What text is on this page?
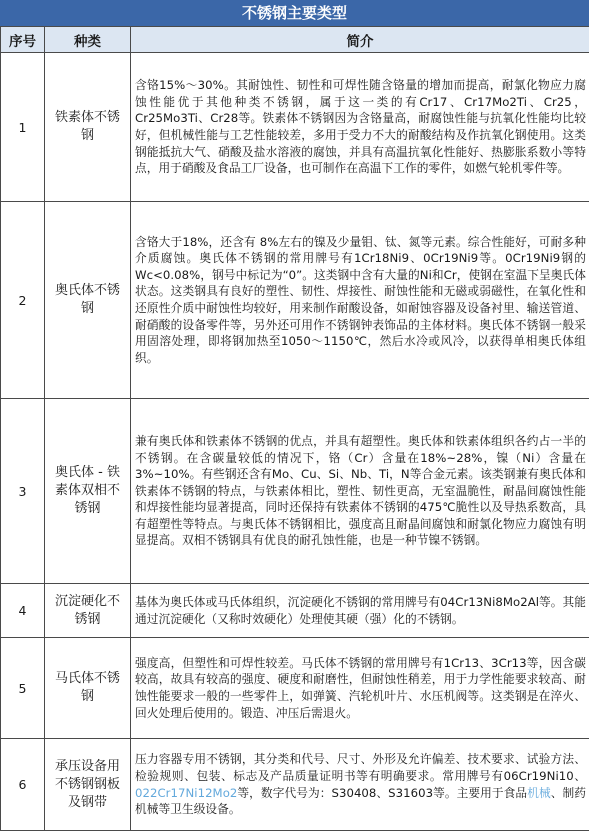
不锈钢主要类型
序号	种类	简介
1	铁素体不锈钢	含铬15%～30%。其耐蚀性、韧性和可焊性随含铬量的增加而提高，耐氯化物应力腐蚀性能优于其他种类不锈钢，属于这一类的有Cr17、Cr17Mo2Ti、Cr25，Cr25Mo3Ti、Cr28等。铁素体不锈钢因为含铬量高，耐腐蚀性能与抗氧化性能均比较好，但机械性能与工艺性能较差，多用于受力不大的耐酸结构及作抗氧化钢使用。这类钢能抵抗大气、硝酸及盐水溶液的腐蚀，并具有高温抗氧化性能好、热膨胀系数小等特点，用于硝酸及食品工厂设备，也可制作在高温下工作的零件，如燃气轮机零件等。
2	奥氏体不锈钢	含铬大于18%，还含有 8%左右的镍及少量钼、钛、氮等元素。综合性能好，可耐多种介质腐蚀。奥氏体不锈钢的常用牌号有1Cr18Ni9、0Cr19Ni9等。0Cr19Ni9钢的Wc<0.08%，钢号中标记为“0”。这类钢中含有大量的Ni和Cr，使钢在室温下呈奥氏体状态。这类钢具有良好的塑性、韧性、焊接性、耐蚀性能和无磁或弱磁性，在氧化性和还原性介质中耐蚀性均较好，用来制作耐酸设备，如耐蚀容器及设备衬里、输送管道、耐硝酸的设备零件等，另外还可用作不锈钢钟表饰品的主体材料。奥氏体不锈钢一般采用固溶处理，即将钢加热至1050～1150℃，然后水冷或风冷，以获得单相奥氏体组织。
3	奥氏体 - 铁素体双相不锈钢	兼有奥氏体和铁素体不锈钢的优点，并具有超塑性。奥氏体和铁素体组织各约占一半的不锈钢。在含碳量较低的情况下，铬（Cr）含量在18%~28%，镍（Ni）含量在3%~10%。有些钢还含有Mo、Cu、Si、Nb、Ti，N等合金元素。该类钢兼有奥氏体和铁素体不锈钢的特点，与铁素体相比，塑性、韧性更高，无室温脆性，耐晶间腐蚀性能和焊接性能均显著提高，同时还保持有铁素体不锈钢的475℃脆性以及导热系数高，具有超塑性等特点。与奥氏体不锈钢相比，强度高且耐晶间腐蚀和耐氯化物应力腐蚀有明显提高。双相不锈钢具有优良的耐孔蚀性能，也是一种节镍不锈钢。
4	沉淀硬化不锈钢	基体为奥氏体或马氏体组织，沉淀硬化不锈钢的常用牌号有04Cr13Ni8Mo2Al等。其能通过沉淀硬化（又称时效硬化）处理使其硬（强）化的不锈钢。
5	马氏体不锈钢	强度高，但塑性和可焊性较差。马氏体不锈钢的常用牌号有1Cr13、3Cr13等，因含碳较高，故具有较高的强度、硬度和耐磨性，但耐蚀性稍差，用于力学性能要求较高、耐蚀性能要求一般的一些零件上，如弹簧、汽轮机叶片、水压机阀等。这类钢是在淬火、回火处理后使用的。锻造、冲压后需退火。
6	承压设备用不锈钢钢板及钢带	压力容器专用不锈钢，其分类和代号、尺寸、外形及允许偏差、技术要求、试验方法、检验规则、包装、标志及产品质量证明书等有明确要求。常用牌号有06Cr19Ni10、022Cr17Ni12Mo2等，数字代号为：S30408、S31603等。主要用于食品机械、制药机械等卫生级设备。
